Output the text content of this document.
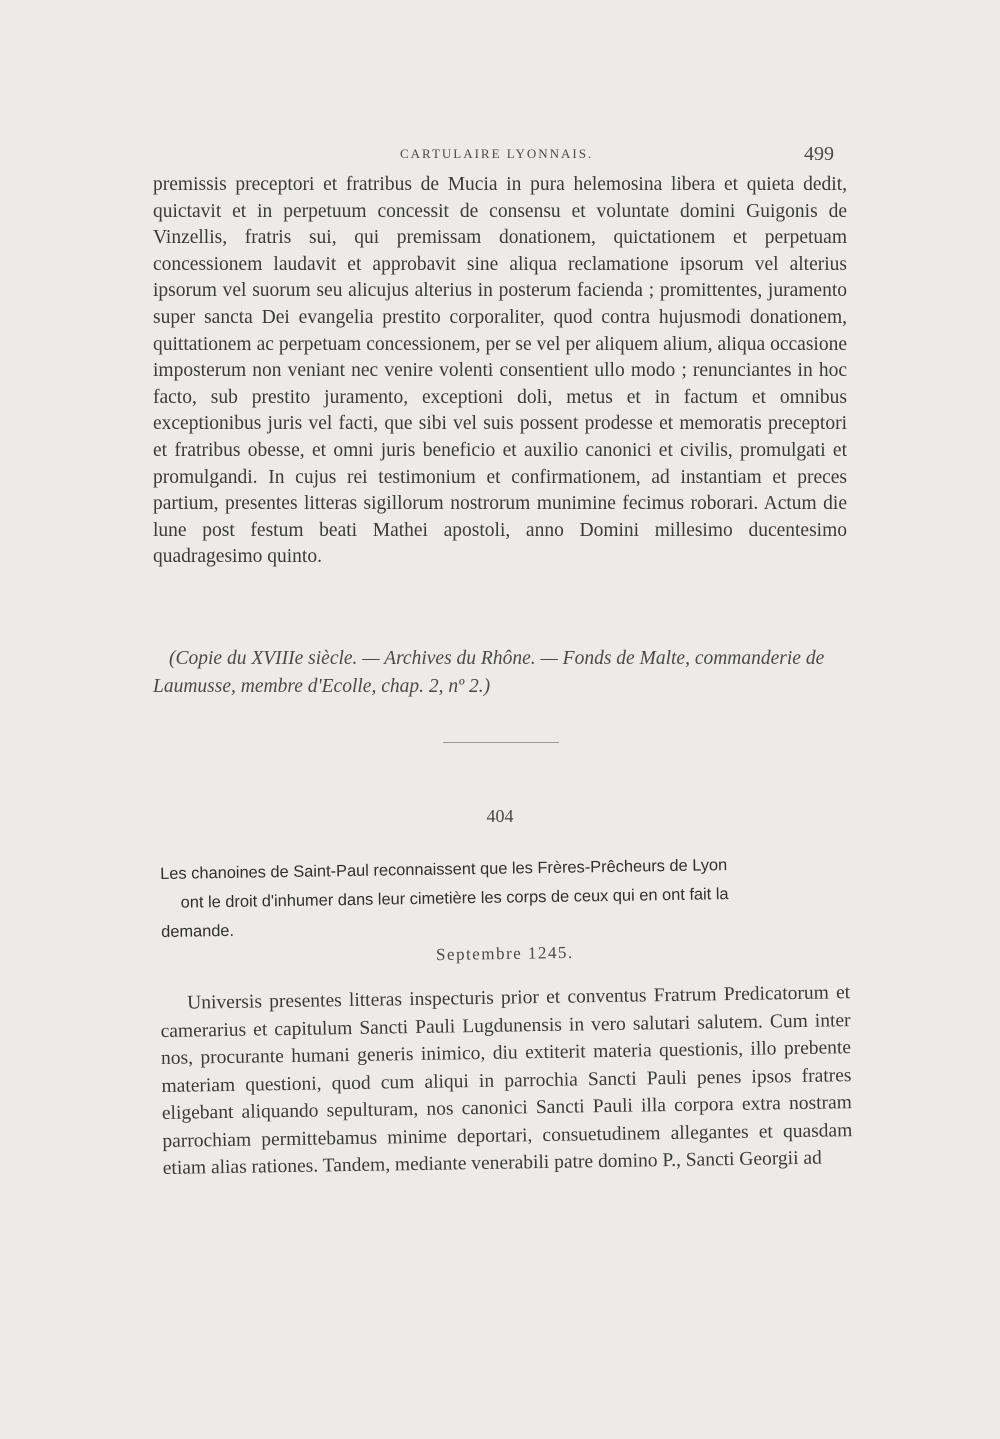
CARTULAIRE LYONNAIS.	499
premissis preceptori et fratribus de Mucia in pura helemosina libera et quieta dedit, quictavit et in perpetuum concessit de consensu et voluntate domini Guigonis de Vinzellis, fratris sui, qui premissam donationem, quictationem et perpetuam concessionem laudavit et approbavit sine aliqua reclamatione ipsorum vel alterius ipsorum vel suorum seu alicujus alterius in posterum facienda ; promittentes, juramento super sancta Dei evangelia prestito corporaliter, quod contra hujusmodi donationem, quittationem ac perpetuam concessionem, per se vel per aliquem alium, aliqua occasione imposterum non veniant nec venire volenti consentient ullo modo ; renunciantes in hoc facto, sub prestito juramento, exceptioni doli, metus et in factum et omnibus exceptionibus juris vel facti, que sibi vel suis possent prodesse et memoratis preceptori et fratribus obesse, et omni juris beneficio et auxilio canonici et civilis, promulgati et promulgandi. In cujus rei testimonium et confirmationem, ad instantiam et preces partium, presentes litteras sigillorum nostrorum munimine fecimus roborari. Actum die lune post festum beati Mathei apostoli, anno Domini millesimo ducentesimo quadragesimo quinto.
(Copie du XVIIIe siècle. — Archives du Rhône. — Fonds de Malte, commanderie de Laumusse, membre d'Ecolle, chap. 2, nº 2.)
404
Les chanoines de Saint-Paul reconnaissent que les Frères-Prêcheurs de Lyon
ont le droit d'inhumer dans leur cimetière les corps de ceux qui en ont fait la
demande.
Septembre 1245.
Universis presentes litteras inspecturis prior et conventus Fratrum Predicatorum et camerarius et capitulum Sancti Pauli Lugdunensis in vero salutari salutem. Cum inter nos, procurante humani generis inimico, diu extiterit materia questionis, illo prebente materiam questioni, quod cum aliqui in parrochia Sancti Pauli penes ipsos fratres eligebant aliquando sepulturam, nos canonici Sancti Pauli illa corpora extra nostram parrochiam permittebamus minime deportari, consuetudinem allegantes et quasdam etiam alias rationes. Tandem, mediante venerabili patre domino P., Sancti Georgii ad
